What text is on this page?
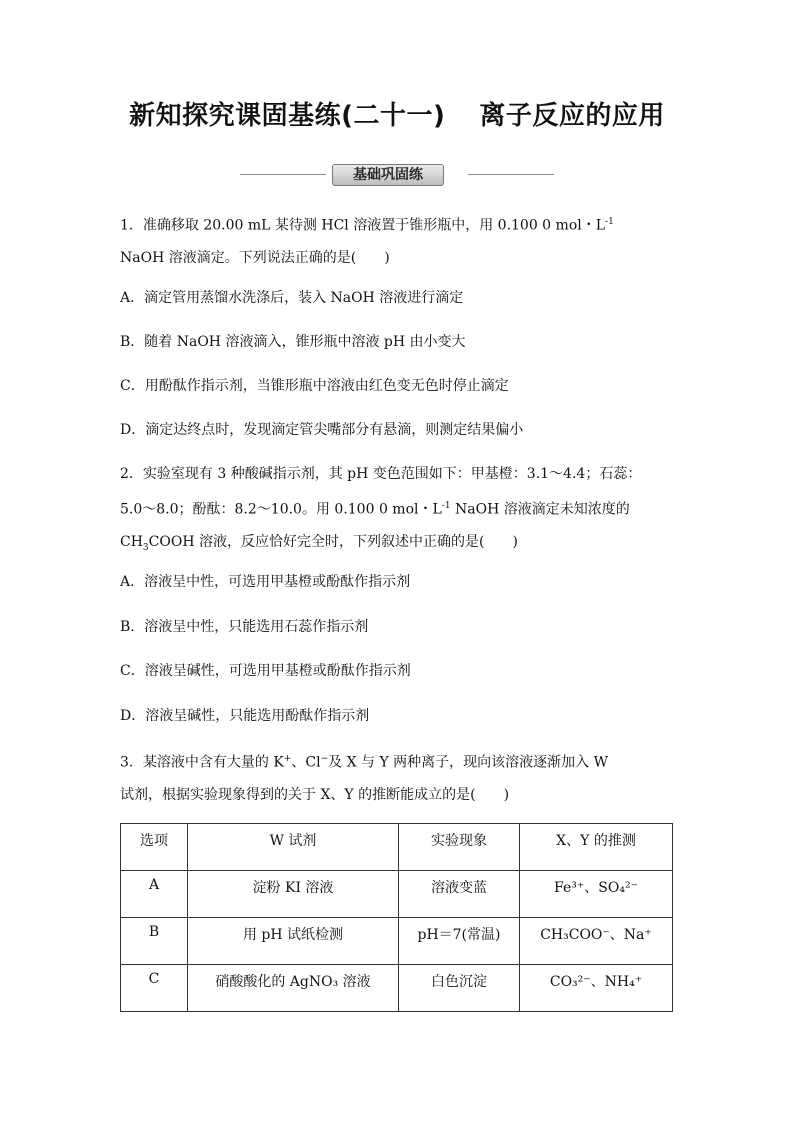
新知探究课固基练(二十一) 离子反应的应用
基础巩固练
1．准确移取 20.00 mL 某待测 HCl 溶液置于锥形瓶中，用 0.100 0 mol・$L^{-1}$
NaOH 溶液滴定。下列说法正确的是(　　)
A．滴定管用蒸馏水洗涤后，装入 NaOH 溶液进行滴定
B．随着 NaOH 溶液滴入，锥形瓶中溶液 pH 由小变大
C．用酚酞作指示剂，当锥形瓶中溶液由红色变无色时停止滴定
D．滴定达终点时，发现滴定管尖嘴部分有悬滴，则测定结果偏小
2．实验室现有 3 种酸碱指示剂，其 pH 变色范围如下：甲基橙：3.1～4.4；石蕊：
5.0～8.0；酚酞：8.2～10.0。用 0.100 0 mol・$L^{-1}$ NaOH 溶液滴定未知浓度的
$CH_3COOH$ 溶液，反应恰好完全时，下列叙述中正确的是(　　)
A．溶液呈中性，可选用甲基橙或酚酞作指示剂
B．溶液呈中性，只能选用石蕊作指示剂
C．溶液呈碱性，可选用甲基橙或酚酞作指示剂
D．溶液呈碱性，只能选用酚酞作指示剂
3．某溶液中含有大量的 K+、Cl−及 X 与 Y 两种离子，现向该溶液逐渐加入 W
试剂，根据实验现象得到的关于 X、Y 的推断能成立的是(　　)
选项	W 试剂	实验现象	X、Y 的推测
A	淀粉 KI 溶液	溶液变蓝	Fe³⁺、SO₄²⁻
B	用 pH 试纸检测	pH＝7(常温)	CH₃COO⁻、Na⁺
C	硝酸酸化的 AgNO₃ 溶液	白色沉淀	CO₃²⁻、NH₄⁺
